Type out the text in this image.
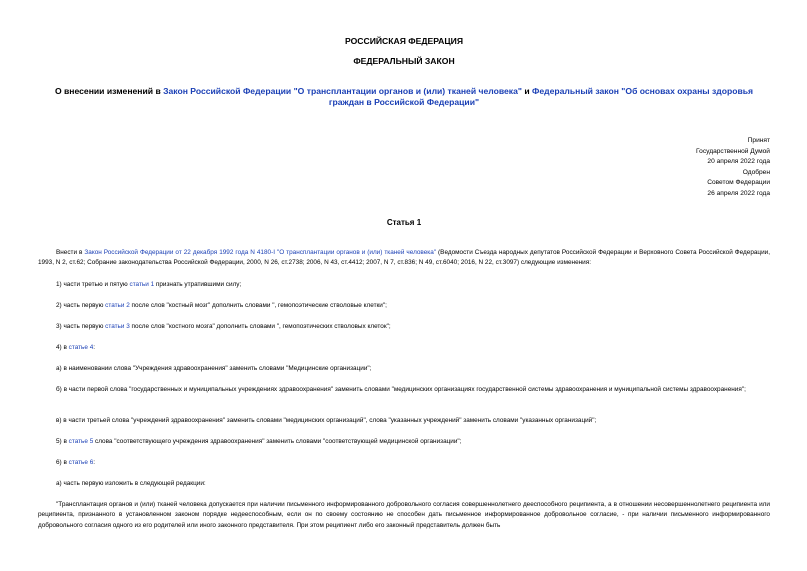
РОССИЙСКАЯ ФЕДЕРАЦИЯ
ФЕДЕРАЛЬНЫЙ ЗАКОН
О внесении изменений в Закон Российской Федерации "О трансплантации органов и (или) тканей человека" и Федеральный закон "Об основах охраны здоровья граждан в Российской Федерации"
Принят
Государственной Думой
20 апреля 2022 года
Одобрен
Советом Федерации
26 апреля 2022 года
Статья 1
Внести в Закон Российской Федерации от 22 декабря 1992 года N 4180-I "О трансплантации органов и (или) тканей человека" (Ведомости Съезда народных депутатов Российской Федерации и Верховного Совета Российской Федерации, 1993, N 2, ст.62; Собрание законодательства Российской Федерации, 2000, N 26, ст.2738; 2006, N 43, ст.4412; 2007, N 7, ст.836; N 49, ст.6040; 2016, N 22, ст.3097) следующие изменения:
1) части третью и пятую статьи 1 признать утратившими силу;
2) часть первую статьи 2 после слов "костный мозг" дополнить словами ", гемопоэтические стволовые клетки";
3) часть первую статьи 3 после слов "костного мозга" дополнить словами ", гемопоэтических стволовых клеток";
4) в статье 4:
а) в наименовании слова "Учреждения здравоохранения" заменить словами "Медицинские организации";
б) в части первой слова "государственных и муниципальных учреждениях здравоохранения" заменить словами "медицинских организациях государственной системы здравоохранения и муниципальной системы здравоохранения";
в) в части третьей слова "учреждений здравоохранения" заменить словами "медицинских организаций", слова "указанных учреждений" заменить словами "указанных организаций";
5) в статье 5 слова "соответствующего учреждения здравоохранения" заменить словами "соответствующей медицинской организации";
6) в статье 6:
а) часть первую изложить в следующей редакции:
"Трансплантация органов и (или) тканей человека допускается при наличии письменного информированного добровольного согласия совершеннолетнего дееспособного реципиента, а в отношении несовершеннолетнего реципиента или реципиента, признанного в установленном законом порядке недееспособным, если он по своему состоянию не способен дать письменное информированное добровольное согласие, - при наличии письменного информированного добровольного согласия одного из его родителей или иного законного представителя. При этом реципиент либо его законный представитель должен быть
